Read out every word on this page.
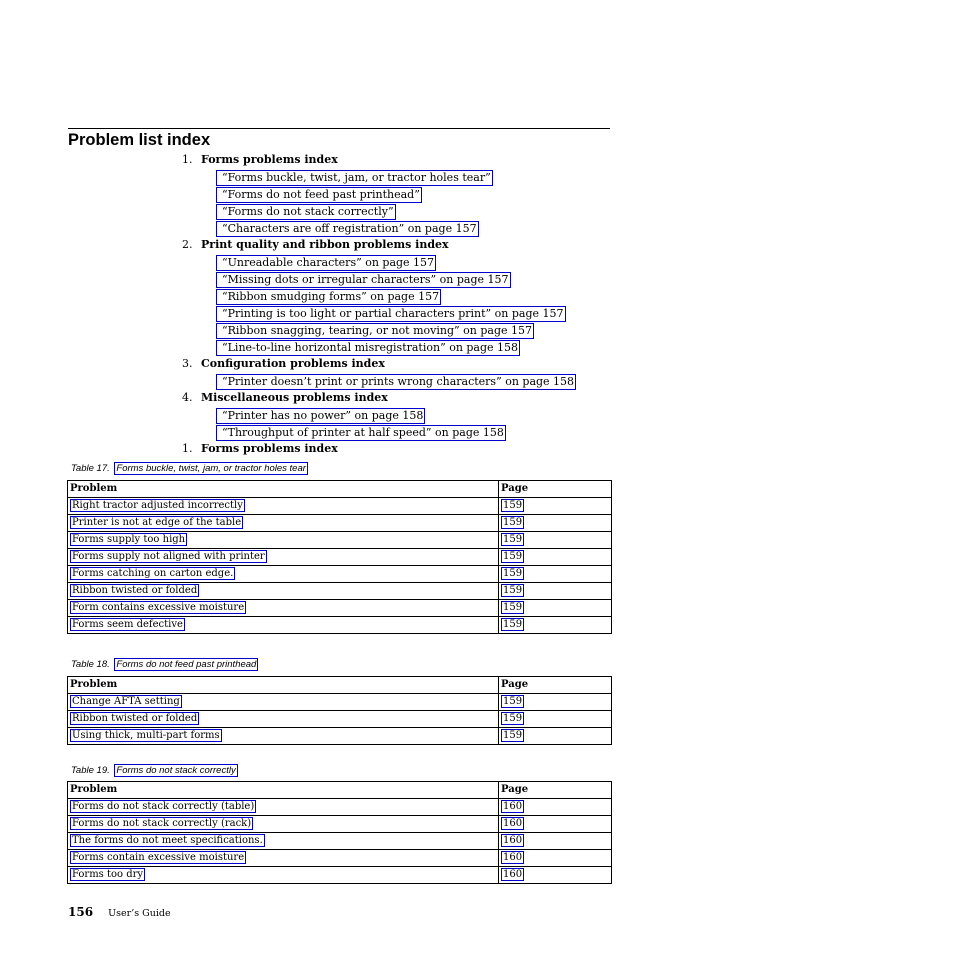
Problem list index
1. Forms problems index
“Forms buckle, twist, jam, or tractor holes tear”
“Forms do not feed past printhead”
“Forms do not stack correctly”
“Characters are off registration” on page 157
2. Print quality and ribbon problems index
“Unreadable characters” on page 157
“Missing dots or irregular characters” on page 157
“Ribbon smudging forms” on page 157
“Printing is too light or partial characters print” on page 157
“Ribbon snagging, tearing, or not moving” on page 157
“Line-to-line horizontal misregistration” on page 158
3. Configuration problems index
“Printer doesn’t print or prints wrong characters” on page 158
4. Miscellaneous problems index
“Printer has no power” on page 158
“Throughput of printer at half speed” on page 158
1. Forms problems index
Table 17. Forms buckle, twist, jam, or tractor holes tear
Problem	Page
Right tractor adjusted incorrectly	159
Printer is not at edge of the table	159
Forms supply too high	159
Forms supply not aligned with printer	159
Forms catching on carton edge.	159
Ribbon twisted or folded	159
Form contains excessive moisture	159
Forms seem defective	159
Table 18. Forms do not feed past printhead
Problem	Page
Change AFTA setting	159
Ribbon twisted or folded	159
Using thick, multi-part forms	159
Table 19. Forms do not stack correctly
Problem	Page
Forms do not stack correctly (table)	160
Forms do not stack correctly (rack)	160
The forms do not meet specifications.	160
Forms contain excessive moisture	160
Forms too dry	160
156 User’s Guide
